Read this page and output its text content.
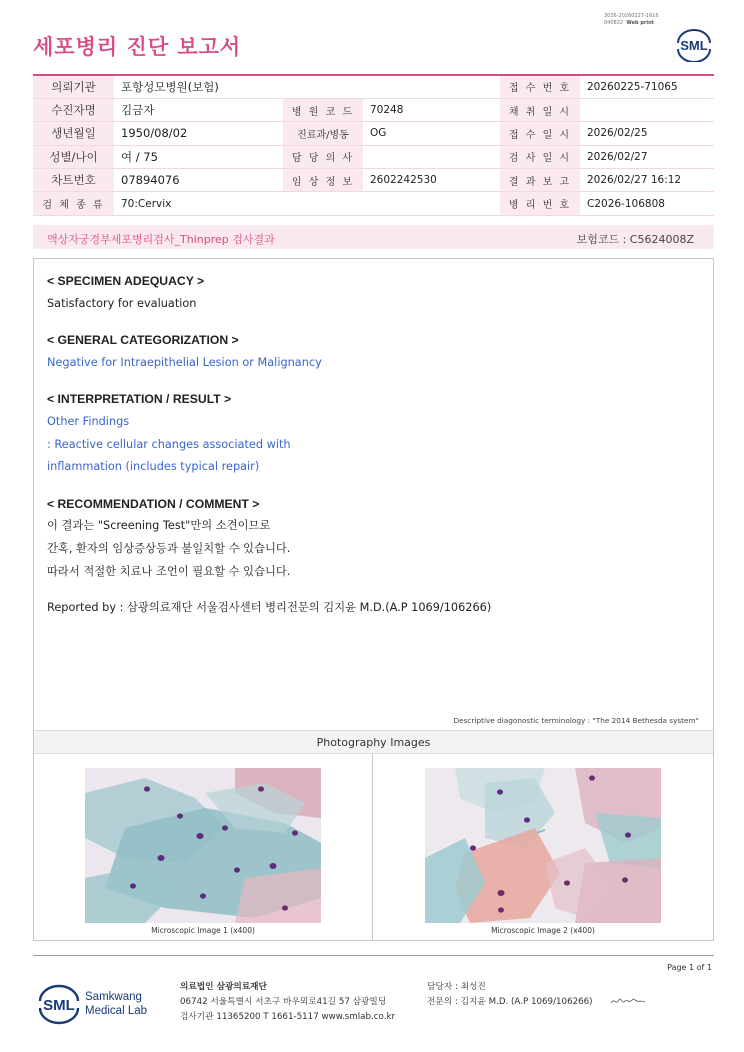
3036-20260227-1616
040822 Web print
세포병리 진단 보고서	SML
의뢰기관	포항성모병원(보험)			접 수 번 호	20260225-71065
수진자명	김금자	병 원 코 드	70248	채 취 일 시	
생년월일	1950/08/02	진료과/병동	OG	접 수 일 시	2026/02/25
성별/나이	여 / 75	담 당 의 사		검 사 일 시	2026/02/27
차트번호	07894076	임 상 정 보	2602242530	결 과 보 고	2026/02/27 16:12
검 체 종 류	70:Cervix			병 리 번 호	C2026-106808
액상자궁경부세포병리검사_Thinprep 검사결과	보험코드 : C5624008Z
< SPECIMEN ADEQUACY >
Satisfactory for evaluation
< GENERAL CATEGORIZATION >
Negative for Intraepithelial Lesion or Malignancy
< INTERPRETATION / RESULT >
Other Findings
: Reactive cellular changes associated with
inflammation (includes typical repair)
< RECOMMENDATION / COMMENT >
이 결과는 "Screening Test"만의 소견이므로
간혹, 환자의 임상증상등과 불일치할 수 있습니다.
따라서 적절한 치료나 조언이 필요할 수 있습니다.
Reported by : 삼광의료재단 서울검사센터 병리전문의 김지윤 M.D.(A.P 1069/106266)
Descriptive diagonostic terminology : "The 2014 Bethesda system"
Photography Images
Microscopic Image 1 (x400)	Microscopic Image 2 (x400)
Page 1 of 1
SML Samkwang
Medical Lab
의료법인 삼광의료재단
06742 서울특별시 서초구 바우뫼로41길 57 삼광빌딩
검사기관 11365200 T 1661-5117 www.smlab.co.kr
담당자 : 최성진
전문의 : 김지윤 M.D. (A.P 1069/106266)
